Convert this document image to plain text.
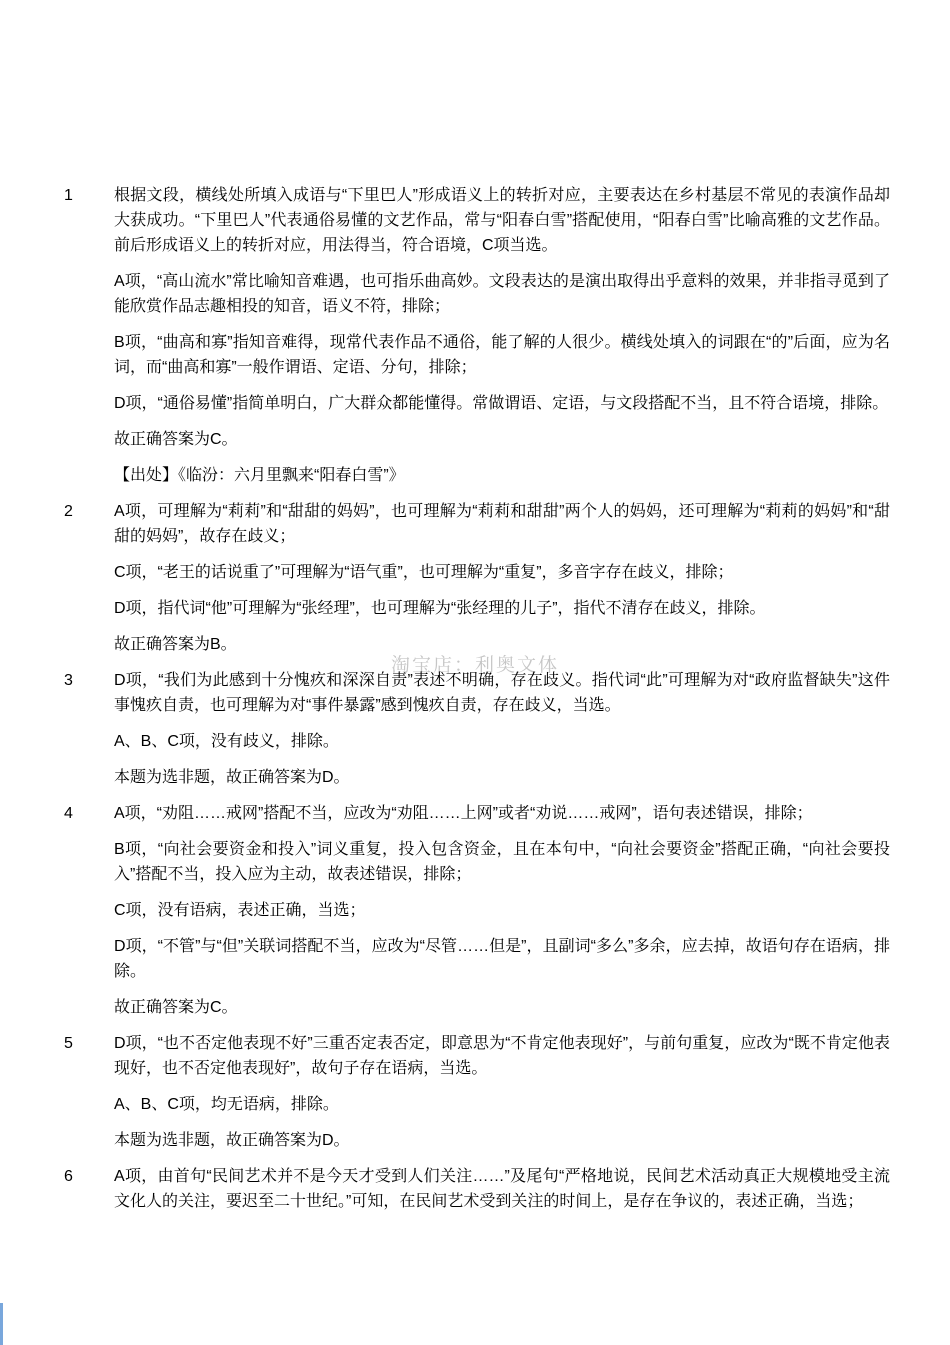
淘宝店：利奥文体
1	根据文段，横线处所填入成语与“下里巴人”形成语义上的转折对应，主要表达在乡村基层不常见的表演作品却大获成功。“下里巴人”代表通俗易懂的文艺作品，常与“阳春白雪”搭配使用，“阳春白雪”比喻高雅的文艺作品。前后形成语义上的转折对应，用法得当，符合语境，C项当选。

A项，“高山流水”常比喻知音难遇，也可指乐曲高妙。文段表达的是演出取得出乎意料的效果，并非指寻觅到了能欣赏作品志趣相投的知音，语义不符，排除；

B项，“曲高和寡”指知音难得，现常代表作品不通俗，能了解的人很少。横线处填入的词跟在“的”后面，应为名词，而“曲高和寡”一般作谓语、定语、分句，排除；

D项，“通俗易懂”指简单明白，广大群众都能懂得。常做谓语、定语，与文段搭配不当，且不符合语境，排除。

故正确答案为C。

【出处】《临汾：六月里飘来“阳春白雪”》

2	A项，可理解为“莉莉”和“甜甜的妈妈”，也可理解为“莉莉和甜甜”两个人的妈妈，还可理解为“莉莉的妈妈”和“甜甜的妈妈”，故存在歧义；

C项，“老王的话说重了”可理解为“语气重”，也可理解为“重复”，多音字存在歧义，排除；

D项，指代词“他”可理解为“张经理”，也可理解为“张经理的儿子”，指代不清存在歧义，排除。

故正确答案为B。

3	D项，“我们为此感到十分愧疚和深深自责”表述不明确，存在歧义。指代词“此”可理解为对“政府监督缺失”这件事愧疚自责，也可理解为对“事件暴露”感到愧疚自责，存在歧义，当选。

A、B、C项，没有歧义，排除。

本题为选非题，故正确答案为D。

4	A项，“劝阻……戒网”搭配不当，应改为“劝阻……上网”或者“劝说……戒网”，语句表述错误，排除；

B项，“向社会要资金和投入”词义重复，投入包含资金，且在本句中，“向社会要资金”搭配正确，“向社会要投入”搭配不当，投入应为主动，故表述错误，排除；

C项，没有语病，表述正确，当选；

D项，“不管”与“但”关联词搭配不当，应改为“尽管……但是”，且副词“多么”多余，应去掉，故语句存在语病，排除。

故正确答案为C。

5	D项，“也不否定他表现不好”三重否定表否定，即意思为“不肯定他表现好”，与前句重复，应改为“既不肯定他表现好，也不否定他表现好”，故句子存在语病，当选。

A、B、C项，均无语病，排除。

本题为选非题，故正确答案为D。

6	A项，由首句“民间艺术并不是今天才受到人们关注……”及尾句“严格地说，民间艺术活动真正大规模地受主流文化人的关注，要迟至二十世纪。”可知，在民间艺术受到关注的时间上，是存在争议的，表述正确，当选；
